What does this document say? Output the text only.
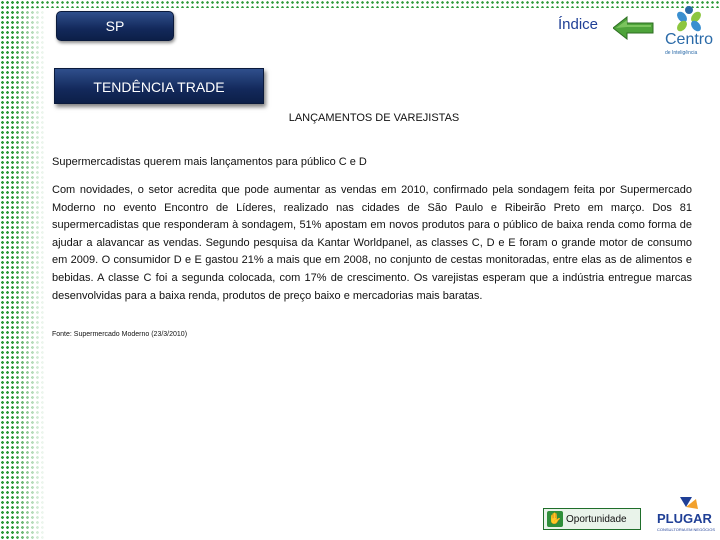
SP	Índice
Centro
de Inteligência
TENDÊNCIA TRADE
LANÇAMENTOS DE VAREJISTAS
Supermercadistas querem mais lançamentos para público C e D
Com novidades, o setor acredita que pode aumentar as vendas em 2010, confirmado pela sondagem feita por Supermercado Moderno no evento Encontro de Líderes, realizado nas cidades de São Paulo e Ribeirão Preto em março. Dos 81 supermercadistas que responderam à sondagem, 51% apostam em novos produtos para o público de baixa renda como forma de ajudar a alavancar as vendas. Segundo pesquisa da Kantar Worldpanel, as classes C, D e E foram o grande motor de consumo em 2009. O consumidor D e E gastou 21% a mais que em 2008, no conjunto de cestas monitoradas, entre elas as de alimentos e bebidas. A classe C foi a segunda colocada, com 17% de crescimento. Os varejistas esperam que a indústria entregue marcas desenvolvidas para a baixa renda, produtos de preço baixo e mercadorias mais baratas.
Fonte: Supermercado Moderno (23/3/2010)
✋ Oportunidade PLUGAR
CONSULTORIA EM NEGÓCIOS
